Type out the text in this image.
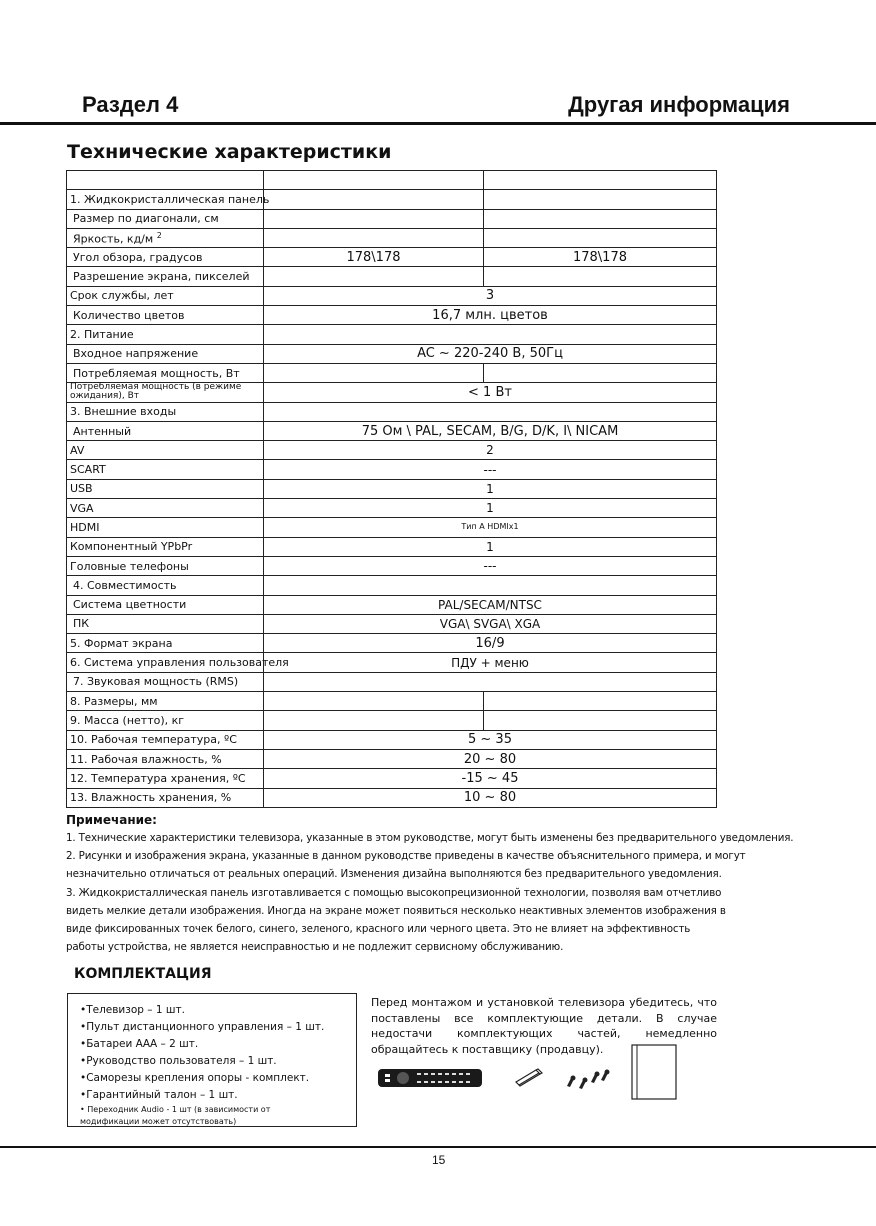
Раздел 4	Другая информация
Технические характеристики

1. Жидкокристаллическая панель		
Размер по диагонали, см		
Яркость, кд/м $^2$		
Угол обзора, градусов	178\178	178\178
Разрешение экрана, пикселей		
Срок службы, лет	3	
Количество цветов	16,7 млн. цветов	
2. Питание		
Входное напряжение	AC ~ 220-240 В, 50Гц	
Потребляемая мощность, Вт		
Потребляемая мощность (в режиме ожидания), Вт	< 1 Вт	
3. Внешние входы		
Антенный	75 Ом \ PAL, SECAM, B/G, D/K, I\ NICAM	
AV	2	
SCART	---	
USB	1	
VGA	1	
HDMI	Тип А HDMIx1	
Компонентный YPbPr	1	
Головные телефоны	---	
4. Совместимость		
Система цветности	PAL/SECAM/NTSC	
ПК	VGA\ SVGA\ XGA	
5. Формат экрана	16/9	
6. Система управления пользователя	ПДУ + меню	
7. Звуковая мощность (RMS)		
8. Размеры, мм		
9. Масса (нетто), кг		
10. Рабочая температура, ºС	5 ~ 35	
11. Рабочая влажность, %	20 ~ 80	
12. Температура хранения, ºС	-15 ~ 45	
13. Влажность хранения, %	10 ~ 80	
Примечание:

1. Технические характеристики телевизора, указанные в этом руководстве, могут быть изменены без предварительного уведомления.

2. Рисунки и изображения экрана, указанные в данном руководстве приведены в качестве объяснительного примера, и могут

незначительно отличаться от реальных операций. Изменения дизайна выполняются без предварительного уведомления.

3. Жидкокристаллическая панель изготавливается с помощью высокопрецизионной технологии, позволяя вам отчетливо

видеть мелкие детали изображения. Иногда на экране может появиться несколько неактивных элементов изображения в

виде фиксированных точек белого, синего, зеленого, красного или черного цвета. Это не влияет на эффективность

работы устройства, не является неисправностью и не подлежит сервисному обслуживанию.

КОМПЛЕКТАЦИЯ
•Телевизор – 1 шт.
•Пульт дистанционного управления – 1 шт.
•Батареи ААА – 2 шт.
•Руководство пользователя – 1 шт.
•Саморезы крепления опоры - комплект.
•Гарантийный талон – 1 шт.
• Переходник Audio - 1 шт (в зависимости от
модификации может отсутствовать)

Перед монтажом и установкой телевизора убедитесь, что поставлены все комплектующие детали. В случае недостачи комплектующих частей, немедленно обращайтесь к поставщику (продавцу).

15
